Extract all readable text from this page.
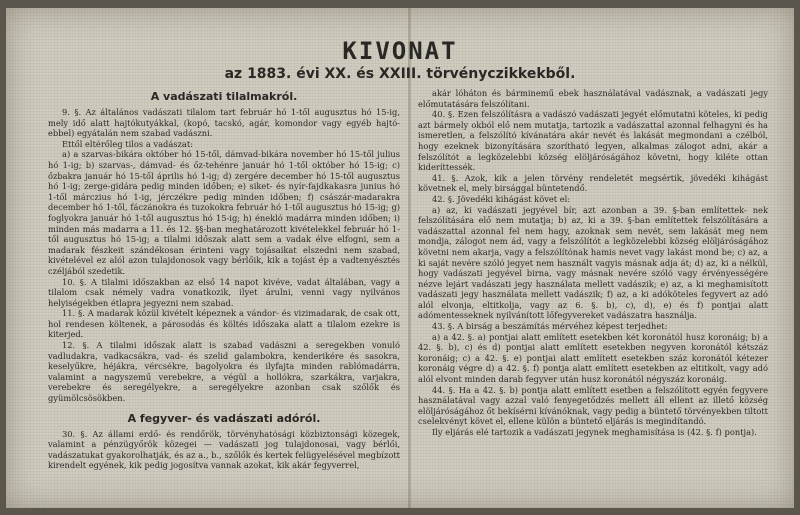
KIVONAT
az 1883. évi XX. és XXIII. törvényczikkekből.
A vadászati tilalmakról.

9. §. Az általános vadászati tilalom tart február hó 1-től augusztus hó 15-ig, mely idő alatt hajtókutyákkal, (kopó, tacskó, agár, komondor vagy egyéb hajtó-ebbel) egyátalán nem szabad vadászni.

Ettől eltérőleg tilos a vadászat:

a) a szarvas-bikára október hó 15-től, dámvad-bikára november hó 15-től julius hó 1-ig; b) szarvas-, dámvad- és őz-tehénre január hó 1-től október hó 15-ig; c) őzbakra január hó 15-től április hó 1-ig; d) zergére december hó 15-től augusztus hó 1-ig; zerge-gidára pedig minden időben; e) siket- és nyír-fajdkakasra junius hó 1-től márczius hó 1-ig, jérczékre pedig minden időben; f) császár-madarakra december hó 1-től, fáczánokra és tuzokokra február hó 1-től augusztus hó 15-ig; g) foglyokra január hó 1-től augusztus hó 15-ig; h) énekló madárra minden időben; i) minden más madarra a 11. és 12. §§-ban meghatározott kivételekkel február hó 1-től augusztus hó 15-ig; a tilalmi időszak alatt sem a vadak élve elfogni, sem a madarak fészkeit szándékosan érinteni vagy tojásaikat elszedni nem szabad, kivételével ez alól azon tulajdonosok vagy bérlőik, kik a tojást ép a vadtenyésztés czéljából szedetik.

10. §. A tilalmi időszakban az első 14 napot kivéve, vadat általában, vagy a tilalom csak némely vadra vonatkozik, ilyet árulni, venni vagy nyilvános helyiségekben étlapra jegyezni nem szabad.

11. §. A madarak közül kivételt képeznek a vándor- és vizimadarak, de csak ott, hol rendesen költenek, a párosodás és költés időszaka alatt a tilalom ezekre is kiterjed.

12. §. A tilalmi időszak alatt is szabad vadászni a seregekben vonuló vadludakra, vadkacsákra, vad- és szelid galambokra, kenderikére és sasokra, keselyűkre, héjákra, vércsékre, bagolyokra és ilyfajta minden rablómadárra, valamint a nagyszemű verebekre, a végül a hollókra, szarkákra, varjakra, verebekre és seregélyekre, a seregélyekre azonban csak szőlők és gyümölcsösökben.

A fegyver- és vadászati adóról.

30. §. Az állami erdő- és rendőrök, törvényhatósági közbiztonsági közegek, valamint a pénzügyőrök közegei — vadászati jog tulajdonosai, vagy bérlői, vadászatukat gyakorolhatják, és az a., b., szőlők és kertek felügyelésével megbízott kirendelt egyének, kik pedig jogosítva vannak azokat, kik akár fegyverrel,

akár lóháton és bárminemű ebek használatával vadásznak, a vadászati jegy előmutatására felszólítani.

40. §. Ezen felszólításra a vadászó vadászati jegyét előmutatni köteles, ki pedig azt bármely okból elő nem mutatja, tartozik a vadászattal azonnal felhagyni és ha ismeretlen, a felszólító kívánatára akár nevét és lakását megmondani a czélból, hogy ezeknek bizonyítására szorítható legyen, alkalmas zálogot adni, akár a felszólítót a legközelebbi község elöljáróságához követni, hogy kiléte ottan kideríttessék.

41. §. Azok, kik a jelen törvény rendeletét megsértik, jövedéki kihágást követnek el, mely birsággal büntetendő.

42. §. Jövedéki kihágást követ el:

a) az, ki vadászati jegyével bír, azt azonban a 39. §-ban említettek- nek felszólítására elő nem mutatja; b) az, ki a 39. §-ban említettek felszólítására a vadászattal azonnal fel nem hagy, azoknak sem nevét, sem lakását meg nem mondja, zálogot nem ád, vagy a felszólítót a legközelebbi község elöljáróságához követni nem akarja, vagy a felszólítónak hamis nevet vagy lakást mond be; c) az, a ki saját nevére szóló jegyet nem használt vagyis másnak adja át; d) az, ki a nélkül, hogy vadászati jegyével birna, vagy másnak nevére szóló vagy érvényességére nézve lejárt vadászati jegy használata mellett vadászik; e) az, a ki meghamisított vadászati jegy használata mellett vadászik; f) az, a ki adóköteles fegyvert az adó alól elvonja, eltitkolja, vagy az 6. §. b), c), d), e) és f) pontjai alatt adómentesseknek nyilvánított lőfegyvereket vadászatra használja.

43. §. A birság a beszámítás mérvéhez képest terjedhet:

a) a 42. §. a) pontjai alatt említett esetekben két koronától husz koronáig; b) a 42. §. b), c) és d) pontjai alatt említett esetekben negyven koronától kétszáz koronáig; c) a 42. §. e) pontjai alatt említett esetekben száz koronától kétezer koronáig végre d) a 42. §. f) pontja alatt említett esetekben az eltitkolt, vagy adó alól elvont minden darab fegyver után husz koronától négyszáz koronáig.

44. §. Ha a 42. §. b) pontja alatt említett esetben a felszólított egyén fegyvere használatával vagy azzal való fenyegetődzés mellett áll ellent az illető község elöljáróságához őt bekísérni kívánóknak, vagy pedig a büntető törvényekben tiltott cselekvényt követ el, ellene külön a büntető eljárás is megindítandó.

Ily eljárás elé tartozik a vadászati jegynek meghamisítása is (42. §. f) pontja).
